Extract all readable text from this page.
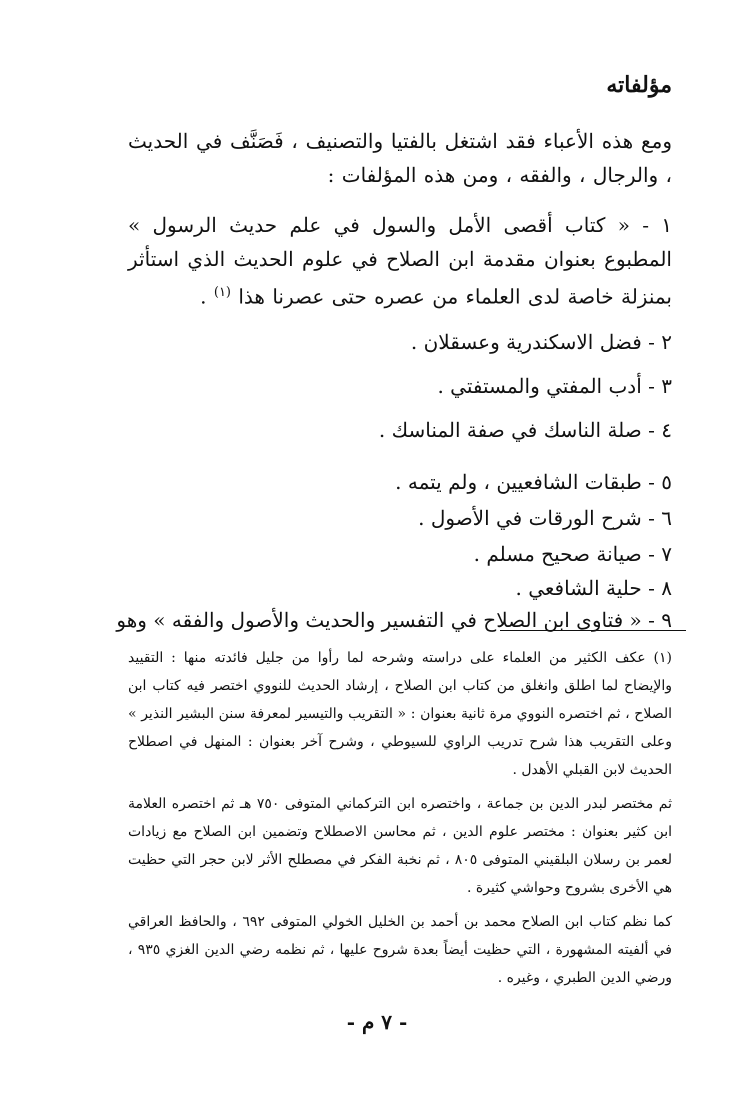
مؤلفاته
ومع هذه الأعباء فقد اشتغل بالفتيا والتصنيف ، فَصَنَّف في الحديث ، والرجال ، والفقه ، ومن هذه المؤلفات :
١ - « كتاب أقصى الأمل والسول في علم حديث الرسول » المطبوع بعنوان مقدمة ابن الصلاح في علوم الحديث الذي استأثر بمنزلة خاصة لدى العلماء من عصره حتى عصرنا هذا $^{(١)}$ .
٢ - فضل الاسكندرية وعسقلان .
٣ - أدب المفتي والمستفتي .
٤ - صلة الناسك في صفة المناسك .
٥ - طبقات الشافعيين ، ولم يتمه .
٦ - شرح الورقات في الأصول .
٧ - صيانة صحيح مسلم .
٨ - حلية الشافعي .
٩ - « فتاوى ابن الصلاح في التفسير والحديث والأصول والفقه » وهو

(١) عكف الكثير من العلماء على دراسته وشرحه لما رأوا من جليل فائدته منها : التقييد والإيضاح لما اطلق وانغلق من كتاب ابن الصلاح ، إرشاد الحديث للنووي اختصر فيه كتاب ابن الصلاح ، ثم اختصره النووي مرة ثانية بعنوان : « التقريب والتيسير لمعرفة سنن البشير النذير » وعلى التقريب هذا شرح تدريب الراوي للسيوطي ، وشرح آخر بعنوان : المنهل في اصطلاح الحديث لابن القبلي الأهدل .

ثم مختصر لبدر الدين بن جماعة ، واختصره ابن التركماني المتوفى ٧٥٠ هـ ثم اختصره العلامة ابن كثير بعنوان : مختصر علوم الدين ، ثم محاسن الاصطلاح وتضمين ابن الصلاح مع زيادات لعمر بن رسلان البلقيني المتوفى ٨٠٥ ، ثم نخبة الفكر في مصطلح الأثر لابن حجر التي حظيت هي الأخرى بشروح وحواشي كثيرة .

كما نظم كتاب ابن الصلاح محمد بن أحمد بن الخليل الخولي المتوفى ٦٩٢ ، والحافظ العراقي في ألفيته المشهورة ، التي حظيت أيضاً بعدة شروح عليها ، ثم نظمه رضي الدين الغزي ٩٣٥ ، ورضي الدين الطبري ، وغيره .

- ٧ م -
